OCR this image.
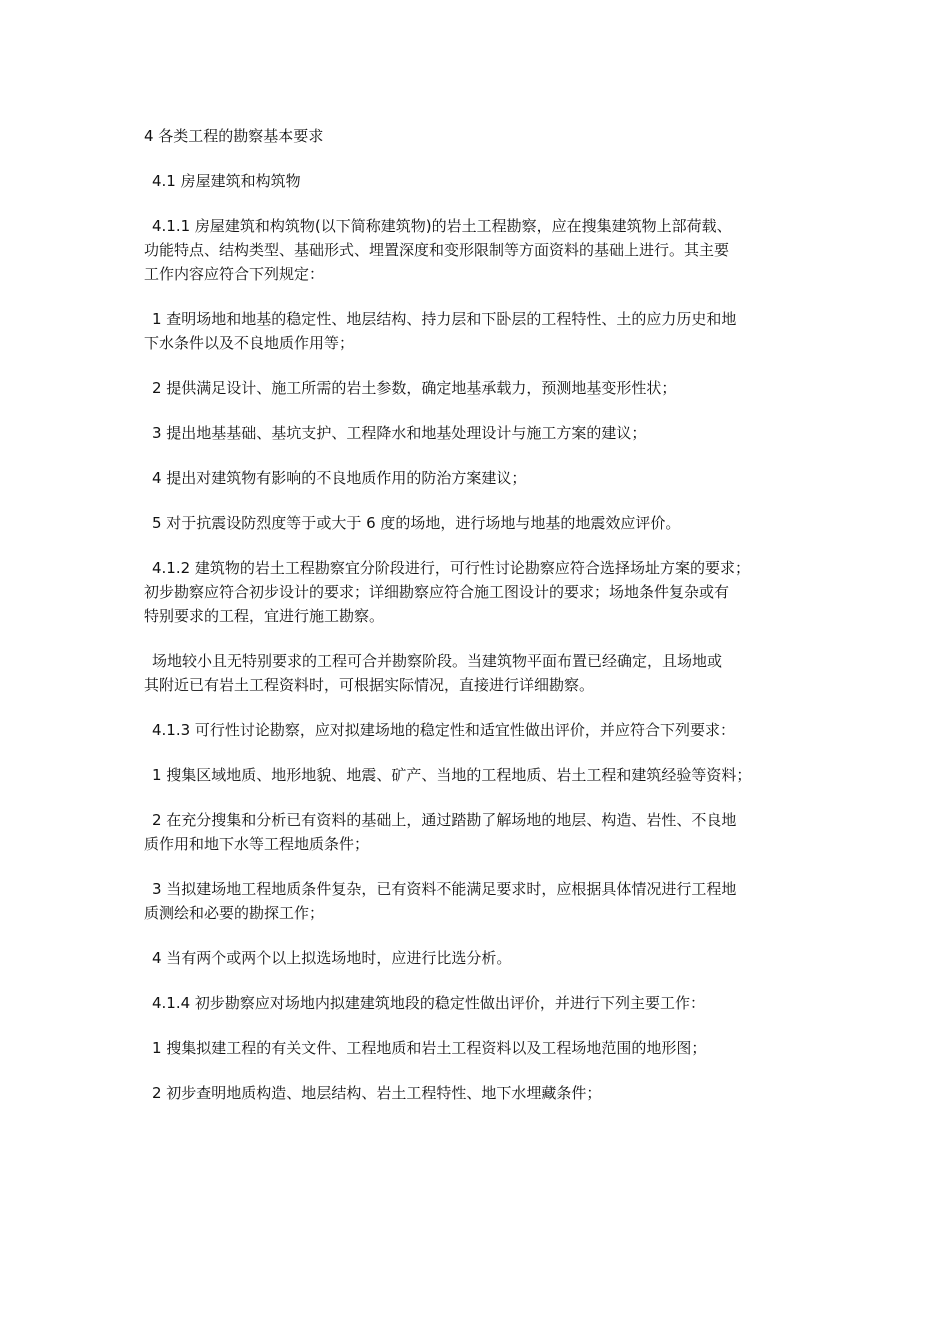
4 各类工程的勘察基本要求

4.1 房屋建筑和构筑物

4.1.1 房屋建筑和构筑物(以下简称建筑物)的岩土工程勘察，应在搜集建筑物上部荷载、
功能特点、结构类型、基础形式、埋置深度和变形限制等方面资料的基础上进行。其主要
工作内容应符合下列规定：

1 查明场地和地基的稳定性、地层结构、持力层和下卧层的工程特性、土的应力历史和地
下水条件以及不良地质作用等；

2 提供满足设计、施工所需的岩土参数，确定地基承载力，预测地基变形性状；

3 提出地基基础、基坑支护、工程降水和地基处理设计与施工方案的建议；

4 提出对建筑物有影响的不良地质作用的防治方案建议；

5 对于抗震设防烈度等于或大于 6 度的场地，进行场地与地基的地震效应评价。

4.1.2 建筑物的岩土工程勘察宜分阶段进行，可行性讨论勘察应符合选择场址方案的要求；
初步勘察应符合初步设计的要求；详细勘察应符合施工图设计的要求；场地条件复杂或有
特别要求的工程，宜进行施工勘察。

场地较小且无特别要求的工程可合并勘察阶段。当建筑物平面布置已经确定，且场地或
其附近已有岩土工程资料时，可根据实际情况，直接进行详细勘察。

4.1.3 可行性讨论勘察，应对拟建场地的稳定性和适宜性做出评价，并应符合下列要求：

1 搜集区域地质、地形地貌、地震、矿产、当地的工程地质、岩土工程和建筑经验等资料；

2 在充分搜集和分析已有资料的基础上，通过踏勘了解场地的地层、构造、岩性、不良地
质作用和地下水等工程地质条件；

3 当拟建场地工程地质条件复杂，已有资料不能满足要求时，应根据具体情况进行工程地
质测绘和必要的勘探工作；

4 当有两个或两个以上拟选场地时，应进行比选分析。

4.1.4 初步勘察应对场地内拟建建筑地段的稳定性做出评价，并进行下列主要工作：

1 搜集拟建工程的有关文件、工程地质和岩土工程资料以及工程场地范围的地形图；

2 初步查明地质构造、地层结构、岩土工程特性、地下水埋藏条件；
